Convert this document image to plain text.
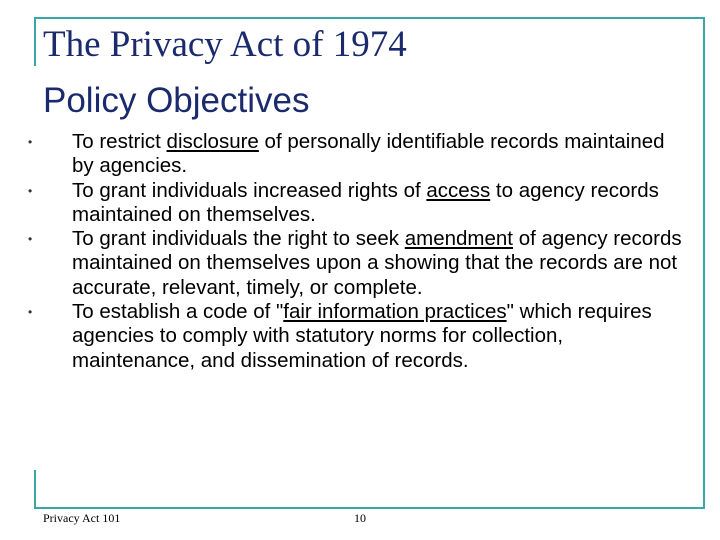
The Privacy Act of 1974
Policy Objectives
• To restrict disclosure of personally identifiable records maintained by agencies.
• To grant individuals increased rights of access to agency records maintained on themselves.
• To grant individuals the right to seek amendment of agency records maintained on themselves upon a showing that the records are not accurate, relevant, timely, or complete.
• To establish a code of "fair information practices" which requires agencies to comply with statutory norms for collection, maintenance, and dissemination of records.
Privacy Act 101	10
